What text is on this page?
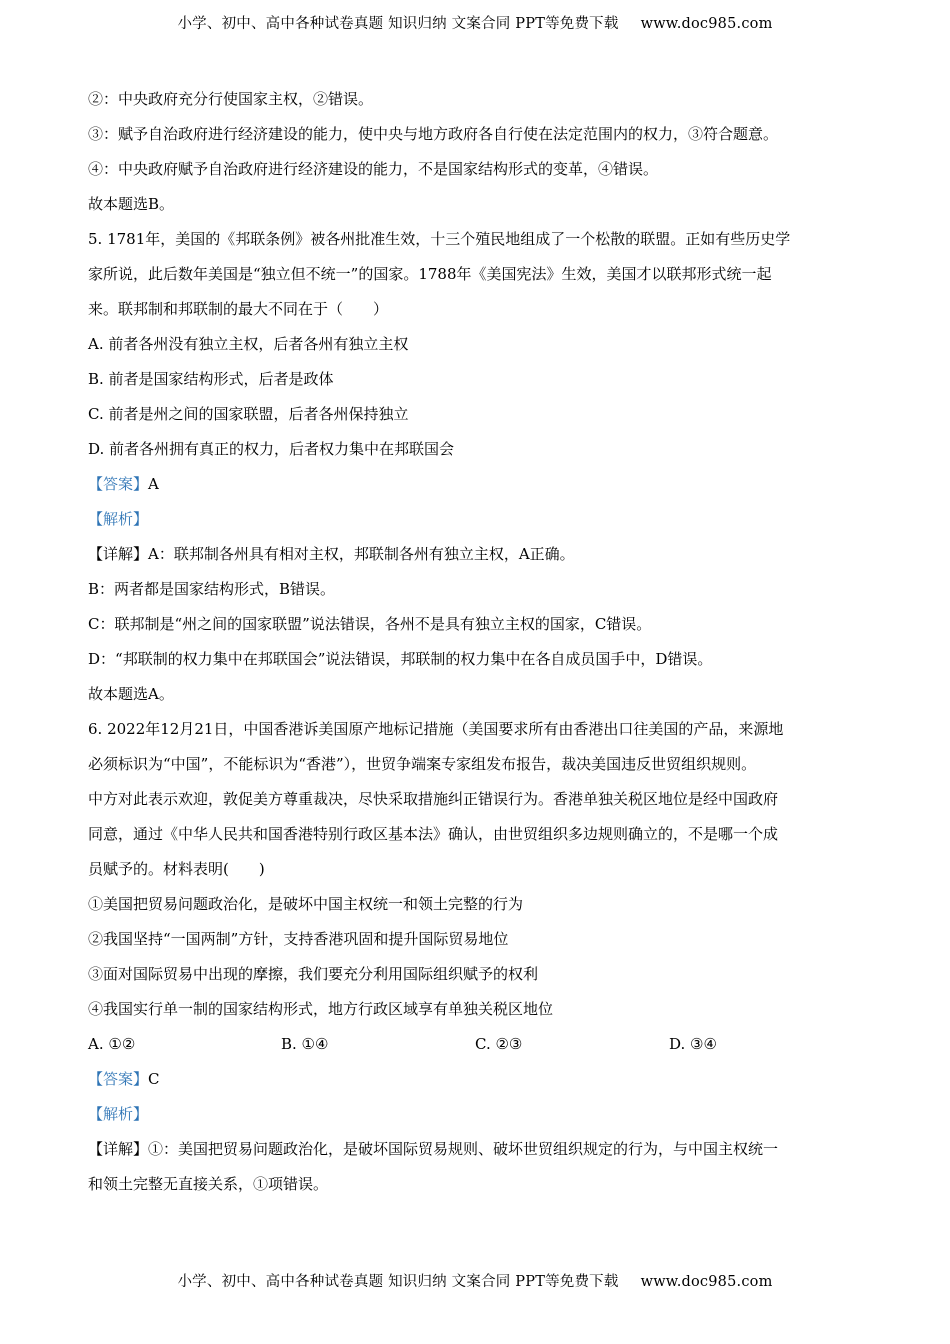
小学、初中、高中各种试卷真题 知识归纳 文案合同 PPT等免费下载 www.doc985.com
②：中央政府充分行使国家主权，②错误。
③：赋予自治政府进行经济建设的能力，使中央与地方政府各自行使在法定范围内的权力，③符合题意。
④：中央政府赋予自治政府进行经济建设的能力，不是国家结构形式的变革，④错误。
故本题选B。
5. 1781年，美国的《邦联条例》被各州批准生效，十三个殖民地组成了一个松散的联盟。正如有些历史学
家所说，此后数年美国是“独立但不统一”的国家。1788年《美国宪法》生效，美国才以联邦形式统一起
来。联邦制和邦联制的最大不同在于（　　）
A. 前者各州没有独立主权，后者各州有独立主权
B. 前者是国家结构形式，后者是政体
C. 前者是州之间的国家联盟，后者各州保持独立
D. 前者各州拥有真正的权力，后者权力集中在邦联国会
【答案】A
【解析】
【详解】A：联邦制各州具有相对主权，邦联制各州有独立主权，A正确。
B：两者都是国家结构形式，B错误。
C：联邦制是“州之间的国家联盟”说法错误，各州不是具有独立主权的国家，C错误。
D：“邦联制的权力集中在邦联国会”说法错误，邦联制的权力集中在各自成员国手中，D错误。
故本题选A。
6. 2022年12月21日，中国香港诉美国原产地标记措施（美国要求所有由香港出口往美国的产品，来源地
必须标识为“中国”，不能标识为“香港”），世贸争端案专家组发布报告，裁决美国违反世贸组织规则。
中方对此表示欢迎，敦促美方尊重裁决，尽快采取措施纠正错误行为。香港单独关税区地位是经中国政府
同意，通过《中华人民共和国香港特别行政区基本法》确认，由世贸组织多边规则确立的，不是哪一个成
员赋予的。材料表明(　　)
①美国把贸易问题政治化，是破坏中国主权统一和领土完整的行为
②我国坚持“一国两制”方针，支持香港巩固和提升国际贸易地位
③面对国际贸易中出现的摩擦，我们要充分利用国际组织赋予的权利
④我国实行单一制的国家结构形式，地方行政区域享有单独关税区地位
A. ①②	B. ①④	C. ②③	D. ③④
【答案】C
【解析】
【详解】①：美国把贸易问题政治化，是破坏国际贸易规则、破坏世贸组织规定的行为，与中国主权统一
和领土完整无直接关系，①项错误。
小学、初中、高中各种试卷真题 知识归纳 文案合同 PPT等免费下载 www.doc985.com
